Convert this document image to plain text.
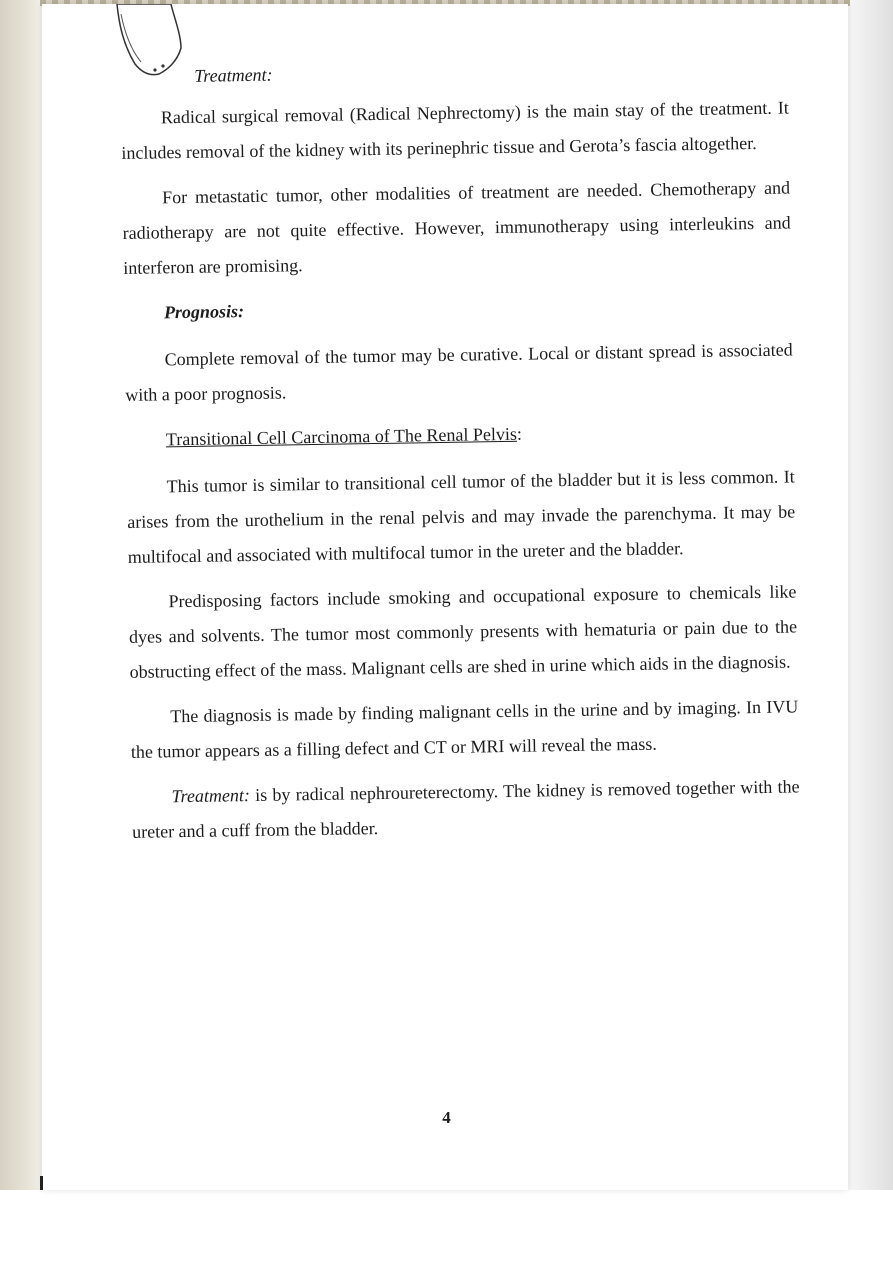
Treatment:

Radical surgical removal (Radical Nephrectomy) is the main stay of the treatment. It includes removal of the kidney with its perinephric tissue and Gerota’s fascia altogether.

For metastatic tumor, other modalities of treatment are needed. Chemotherapy and radiotherapy are not quite effective. However, immunotherapy using interleukins and interferon are promising.

Prognosis:

Complete removal of the tumor may be curative. Local or distant spread is associated with a poor prognosis.

Transitional Cell Carcinoma of The Renal Pelvis:

This tumor is similar to transitional cell tumor of the bladder but it is less common. It arises from the urothelium in the renal pelvis and may invade the parenchyma. It may be multifocal and associated with multifocal tumor in the ureter and the bladder.

Predisposing factors include smoking and occupational exposure to chemicals like dyes and solvents. The tumor most commonly presents with hematuria or pain due to the obstructing effect of the mass. Malignant cells are shed in urine which aids in the diagnosis.

The diagnosis is made by finding malignant cells in the urine and by imaging. In IVU the tumor appears as a filling defect and CT or MRI will reveal the mass.

Treatment: is by radical nephroureterectomy. The kidney is removed together with the ureter and a cuff from the bladder.

4
